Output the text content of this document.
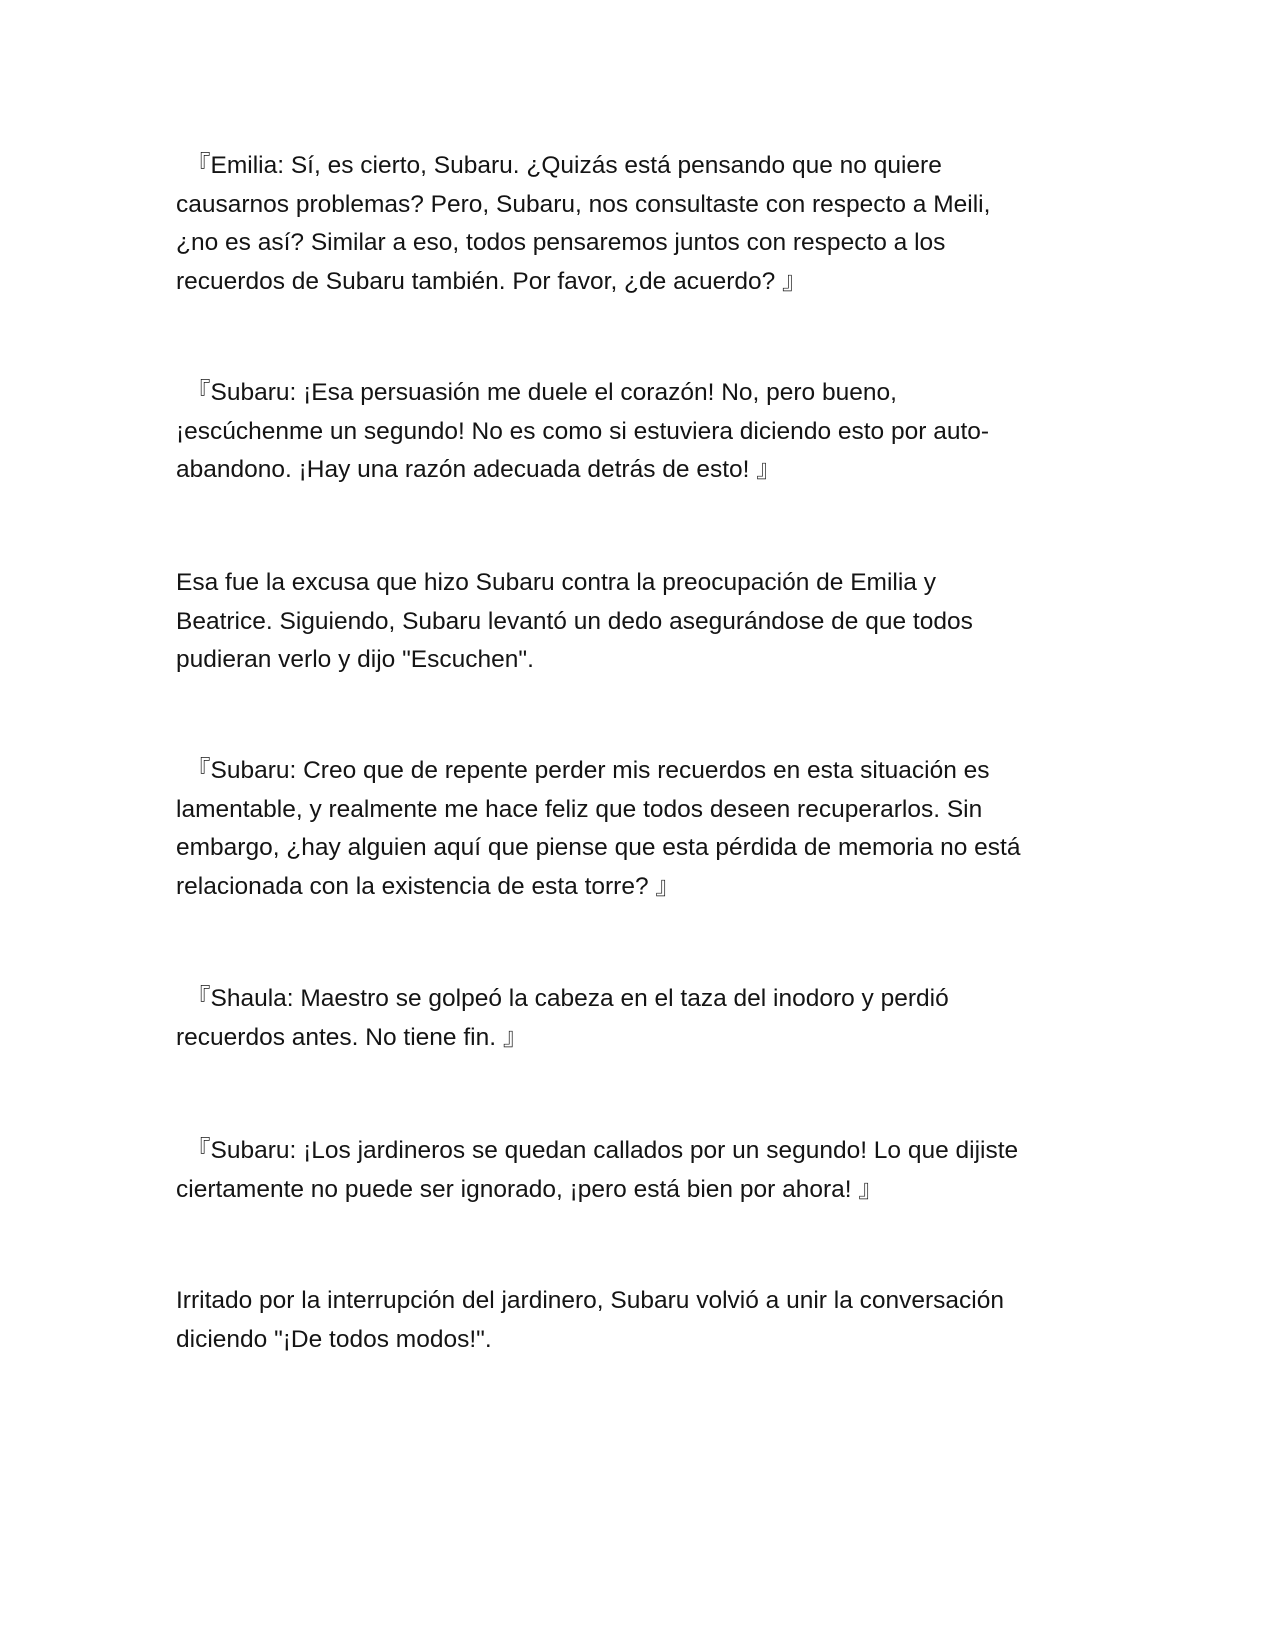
『Emilia: Sí, es cierto, Subaru. ¿Quizás está pensando que no quiere
causarnos problemas? Pero, Subaru, nos consultaste con respecto a Meili,
¿no es así? Similar a eso, todos pensaremos juntos con respecto a los
recuerdos de Subaru también. Por favor, ¿de acuerdo? 』

『Subaru: ¡Esa persuasión me duele el corazón! No, pero bueno,
¡escúchenme un segundo! No es como si estuviera diciendo esto por auto-
abandono. ¡Hay una razón adecuada detrás de esto! 』

Esa fue la excusa que hizo Subaru contra la preocupación de Emilia y
Beatrice. Siguiendo, Subaru levantó un dedo asegurándose de que todos
pudieran verlo y dijo "Escuchen".

『Subaru: Creo que de repente perder mis recuerdos en esta situación es
lamentable, y realmente me hace feliz que todos deseen recuperarlos. Sin
embargo, ¿hay alguien aquí que piense que esta pérdida de memoria no está
relacionada con la existencia de esta torre? 』

『Shaula: Maestro se golpeó la cabeza en el taza del inodoro y perdió
recuerdos antes. No tiene fin. 』

『Subaru: ¡Los jardineros se quedan callados por un segundo! Lo que dijiste
ciertamente no puede ser ignorado, ¡pero está bien por ahora! 』

Irritado por la interrupción del jardinero, Subaru volvió a unir la conversación
diciendo "¡De todos modos!".
